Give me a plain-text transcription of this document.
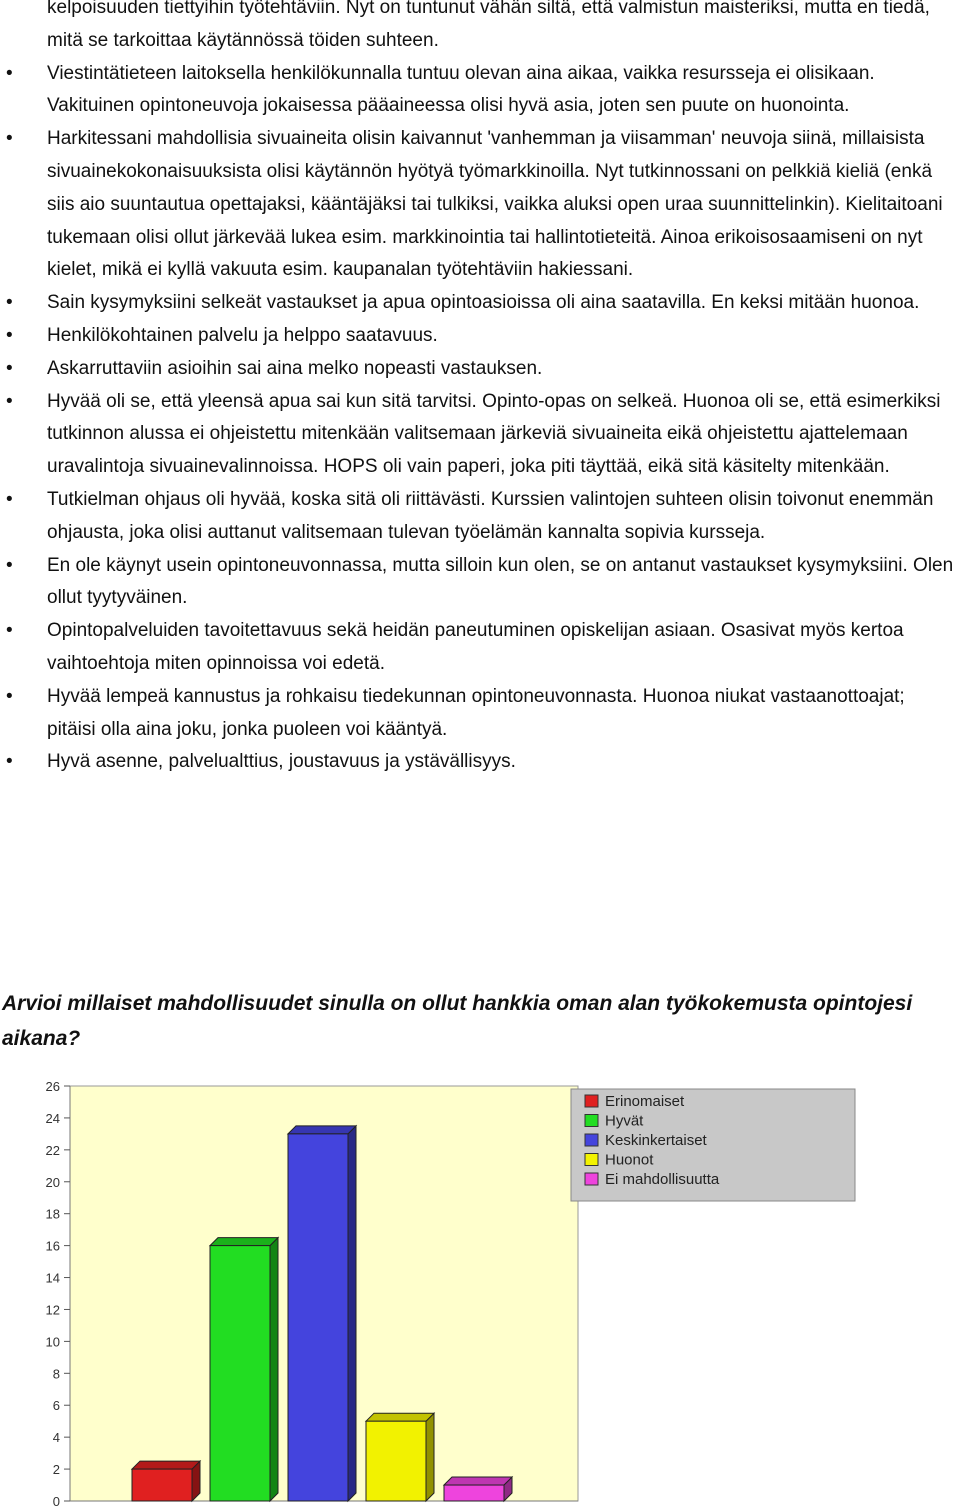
kelpoisuuden tiettyihin työtehtäviin. Nyt on tuntunut vähän siltä, että valmistun maisteriksi, mutta en tiedä, mitä se tarkoittaa käytännössä töiden suhteen.
• Viestintätieteen laitoksella henkilökunnalla tuntuu olevan aina aikaa, vaikka resursseja ei olisikaan. Vakituinen opintoneuvoja jokaisessa pääaineessa olisi hyvä asia, joten sen puute on huonointa.
• Harkitessani mahdollisia sivuaineita olisin kaivannut 'vanhemman ja viisamman' neuvoja siinä, millaisista sivuainekokonaisuuksista olisi käytännön hyötyä työmarkkinoilla. Nyt tutkinnossani on pelkkiä kieliä (enkä siis aio suuntautua opettajaksi, kääntäjäksi tai tulkiksi, vaikka aluksi open uraa suunnittelinkin). Kielitaitoani tukemaan olisi ollut järkevää lukea esim. markkinointia tai hallintotieteitä. Ainoa erikoisosaamiseni on nyt kielet, mikä ei kyllä vakuuta esim. kaupanalan työtehtäviin hakiessani.
• Sain kysymyksiini selkeät vastaukset ja apua opintoasioissa oli aina saatavilla. En keksi mitään huonoa.
• Henkilökohtainen palvelu ja helppo saatavuus.
• Askarruttaviin asioihin sai aina melko nopeasti vastauksen.
• Hyvää oli se, että yleensä apua sai kun sitä tarvitsi. Opinto-opas on selkeä. Huonoa oli se, että esimerkiksi tutkinnon alussa ei ohjeistettu mitenkään valitsemaan järkeviä sivuaineita eikä ohjeistettu ajattelemaan uravalintoja sivuainevalinnoissa. HOPS oli vain paperi, joka piti täyttää, eikä sitä käsitelty mitenkään.
• Tutkielman ohjaus oli hyvää, koska sitä oli riittävästi. Kurssien valintojen suhteen olisin toivonut enemmän ohjausta, joka olisi auttanut valitsemaan tulevan työelämän kannalta sopivia kursseja.
• En ole käynyt usein opintoneuvonnassa, mutta silloin kun olen, se on antanut vastaukset kysymyksiini. Olen ollut tyytyväinen.
• Opintopalveluiden tavoitettavuus sekä heidän paneutuminen opiskelijan asiaan. Osasivat myös kertoa vaihtoehtoja miten opinnoissa voi edetä.
• Hyvää lempeä kannustus ja rohkaisu tiedekunnan opintoneuvonnasta. Huonoa niukat vastaanottoajat; pitäisi olla aina joku, jonka puoleen voi kääntyä.
• Hyvä asenne, palvelualttius, joustavuus ja ystävällisyys.
Arvioi millaiset mahdollisuudet sinulla on ollut hankkia oman alan työkokemusta opintojesi aikana?
0
2
4
6
8
10
12
14
16
18
20
22
24
26
Erinomaiset
Hyvät
Keskinkertaiset
Huonot
Ei mahdollisuutta
